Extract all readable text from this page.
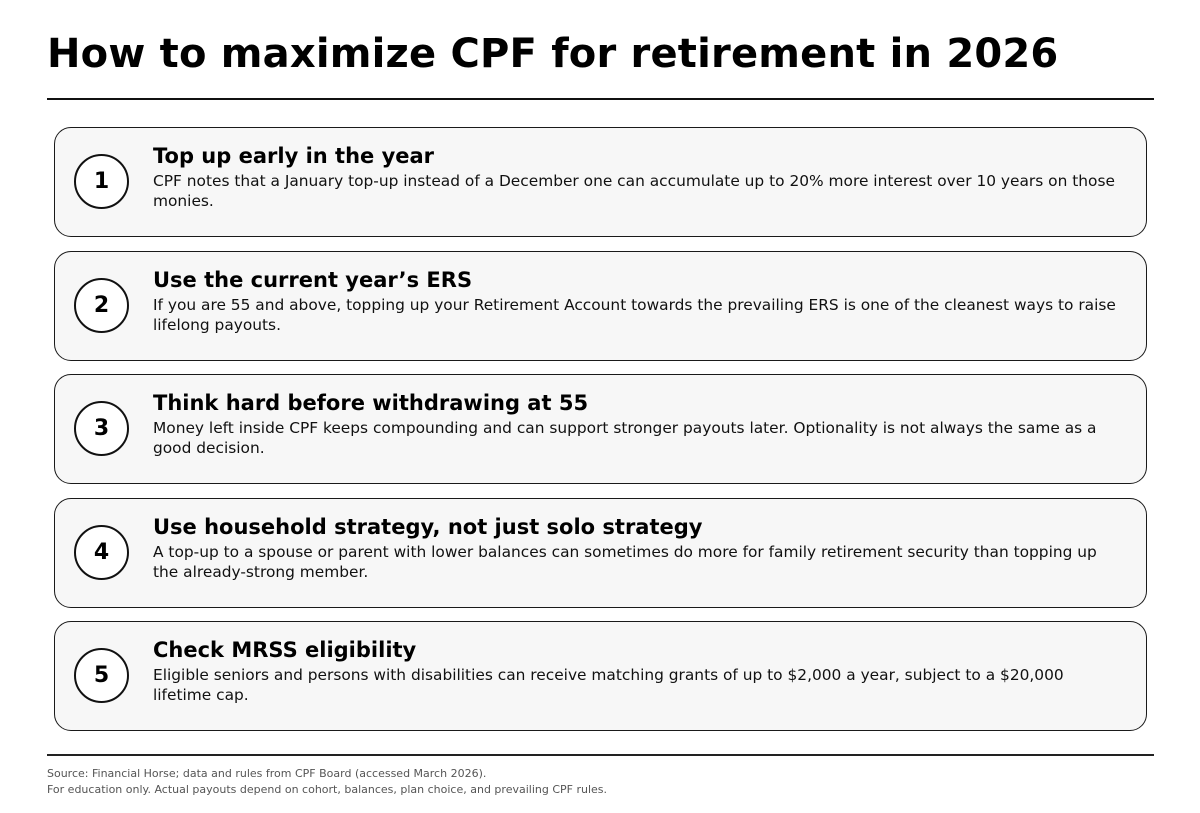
How to maximize CPF for retirement in 2026
1
Top up early in the year

CPF notes that a January top-up instead of a December one can accumulate up to 20% more interest over 10 years on those monies.

2
Use the current year’s ERS

If you are 55 and above, topping up your Retirement Account towards the prevailing ERS is one of the cleanest ways to raise lifelong payouts.

3
Think hard before withdrawing at 55

Money left inside CPF keeps compounding and can support stronger payouts later. Optionality is not always the same as a good decision.

4
Use household strategy, not just solo strategy

A top-up to a spouse or parent with lower balances can sometimes do more for family retirement security than topping up the already-strong member.

5
Check MRSS eligibility

Eligible seniors and persons with disabilities can receive matching grants of up to $2,000 a year, subject to a $20,000 lifetime cap.

Source: Financial Horse; data and rules from CPF Board (accessed March 2026).

For education only. Actual payouts depend on cohort, balances, plan choice, and prevailing CPF rules.
